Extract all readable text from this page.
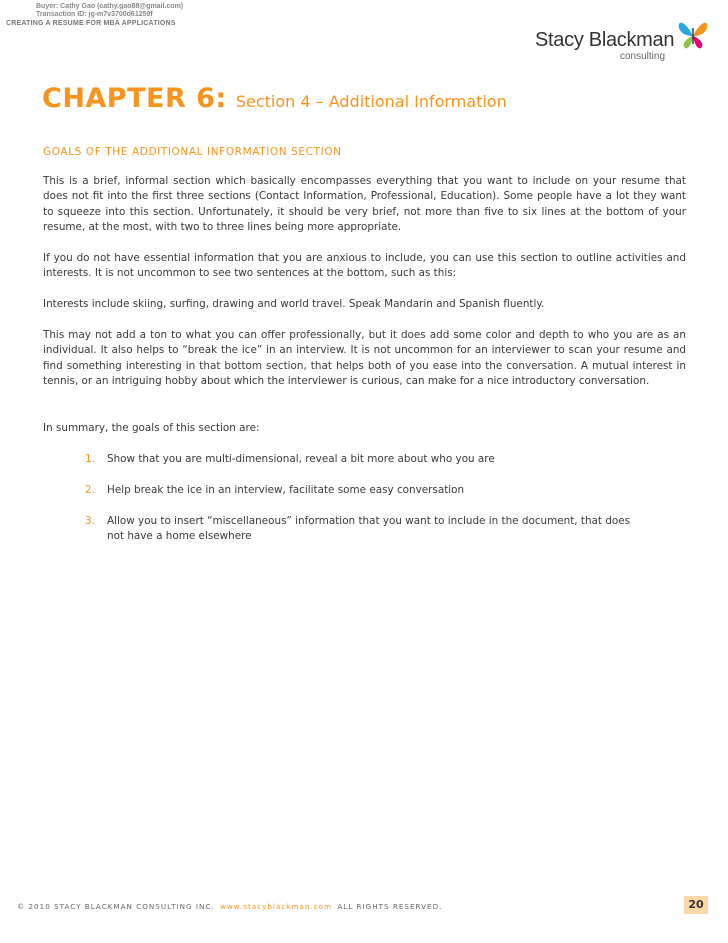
Buyer: Cathy Gao (cathy.gao88@gmail.com)
Transaction ID: jg-m7v3700d61259f
CREATING A RESUME FOR MBA APPLICATIONS
Stacy Blackman
consulting
CHAPTER 6: Section 4 – Additional Information
GOALS OF THE ADDITIONAL INFORMATION SECTION
This is a brief, informal section which basically encompasses everything that you want to include on your resume that does not fit into the first three sections (Contact Information, Professional, Education). Some people have a lot they want to squeeze into this section. Unfortunately, it should be very brief, not more than five to six lines at the bottom of your resume, at the most, with two to three lines being more appropriate.
If you do not have essential information that you are anxious to include, you can use this section to outline activities and interests. It is not uncommon to see two sentences at the bottom, such as this:
Interests include skiing, surfing, drawing and world travel. Speak Mandarin and Spanish fluently.
This may not add a ton to what you can offer professionally, but it does add some color and depth to who you are as an individual. It also helps to “break the ice” in an interview. It is not uncommon for an interviewer to scan your resume and find something interesting in that bottom section, that helps both of you ease into the conversation. A mutual interest in tennis, or an intriguing hobby about which the interviewer is curious, can make for a nice introductory conversation.
In summary, the goals of this section are:
1. Show that you are multi-dimensional, reveal a bit more about who you are
2. Help break the ice in an interview, facilitate some easy conversation
3. Allow you to insert “miscellaneous” information that you want to include in the document, that does not have a home elsewhere
© 2010 STACY BLACKMAN CONSULTING INC. www.stacyblackman.com ALL RIGHTS RESERVED.	20
